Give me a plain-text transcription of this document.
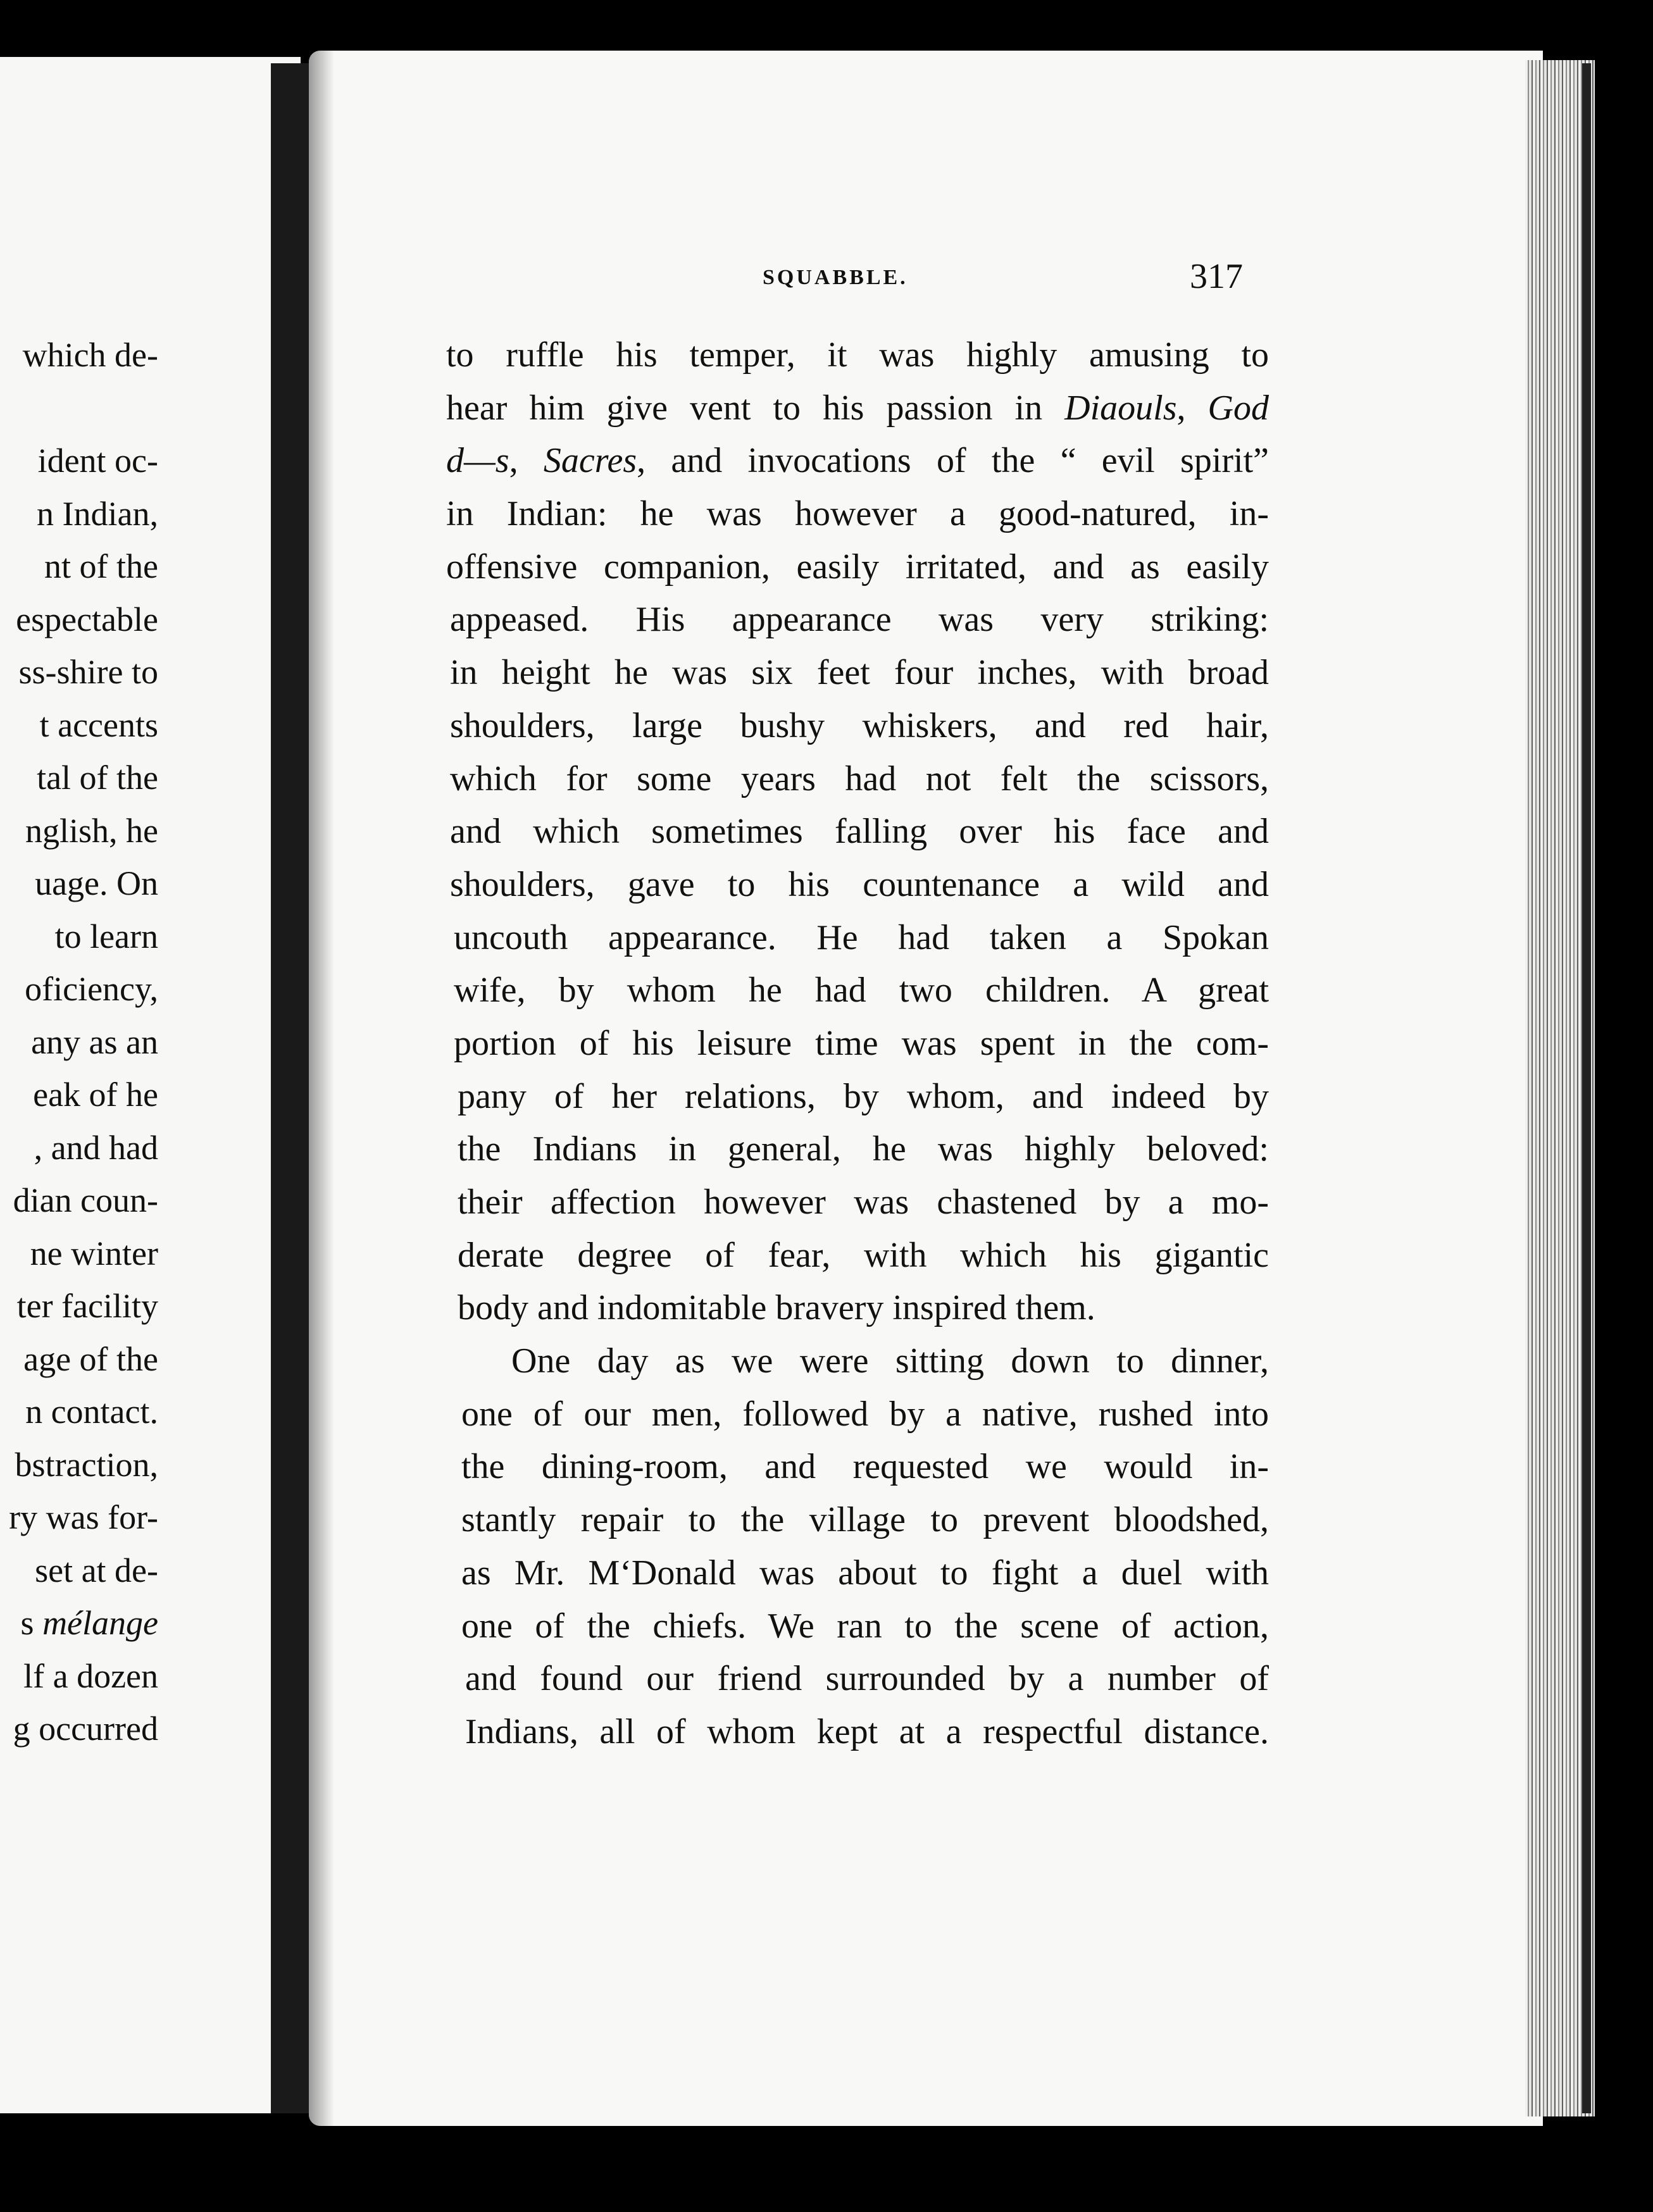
which de-

ident oc-
n Indian,
nt of the
espectable
ss-shire to
t accents
tal of the
nglish, he
uage. On
to learn
oficiency,
any as an
eak of he
, and had
dian coun-
ne winter
ter facility
age of the
n contact.
bstraction,
ry was for-
set at de-
s mélange
lf a dozen
g occurred
SQUABBLE.	317
to ruffle his temper, it was highly amusing to
hear him give vent to his passion in Diaouls, God
d—s, Sacres, and invocations of the “ evil spirit”
in Indian: he was however a good-natured, in-
offensive companion, easily irritated, and as easily
appeased. His appearance was very striking:
in height he was six feet four inches, with broad
shoulders, large bushy whiskers, and red hair,
which for some years had not felt the scissors,
and which sometimes falling over his face and
shoulders, gave to his countenance a wild and
uncouth appearance. He had taken a Spokan
wife, by whom he had two children. A great
portion of his leisure time was spent in the com-
pany of her relations, by whom, and indeed by
the Indians in general, he was highly beloved:
their affection however was chastened by a mo-
derate degree of fear, with which his gigantic
body and indomitable bravery inspired them.
One day as we were sitting down to dinner,
one of our men, followed by a native, rushed into
the dining-room, and requested we would in-
stantly repair to the village to prevent bloodshed,
as Mr. M‘Donald was about to fight a duel with
one of the chiefs. We ran to the scene of action,
and found our friend surrounded by a number of
Indians, all of whom kept at a respectful distance.
